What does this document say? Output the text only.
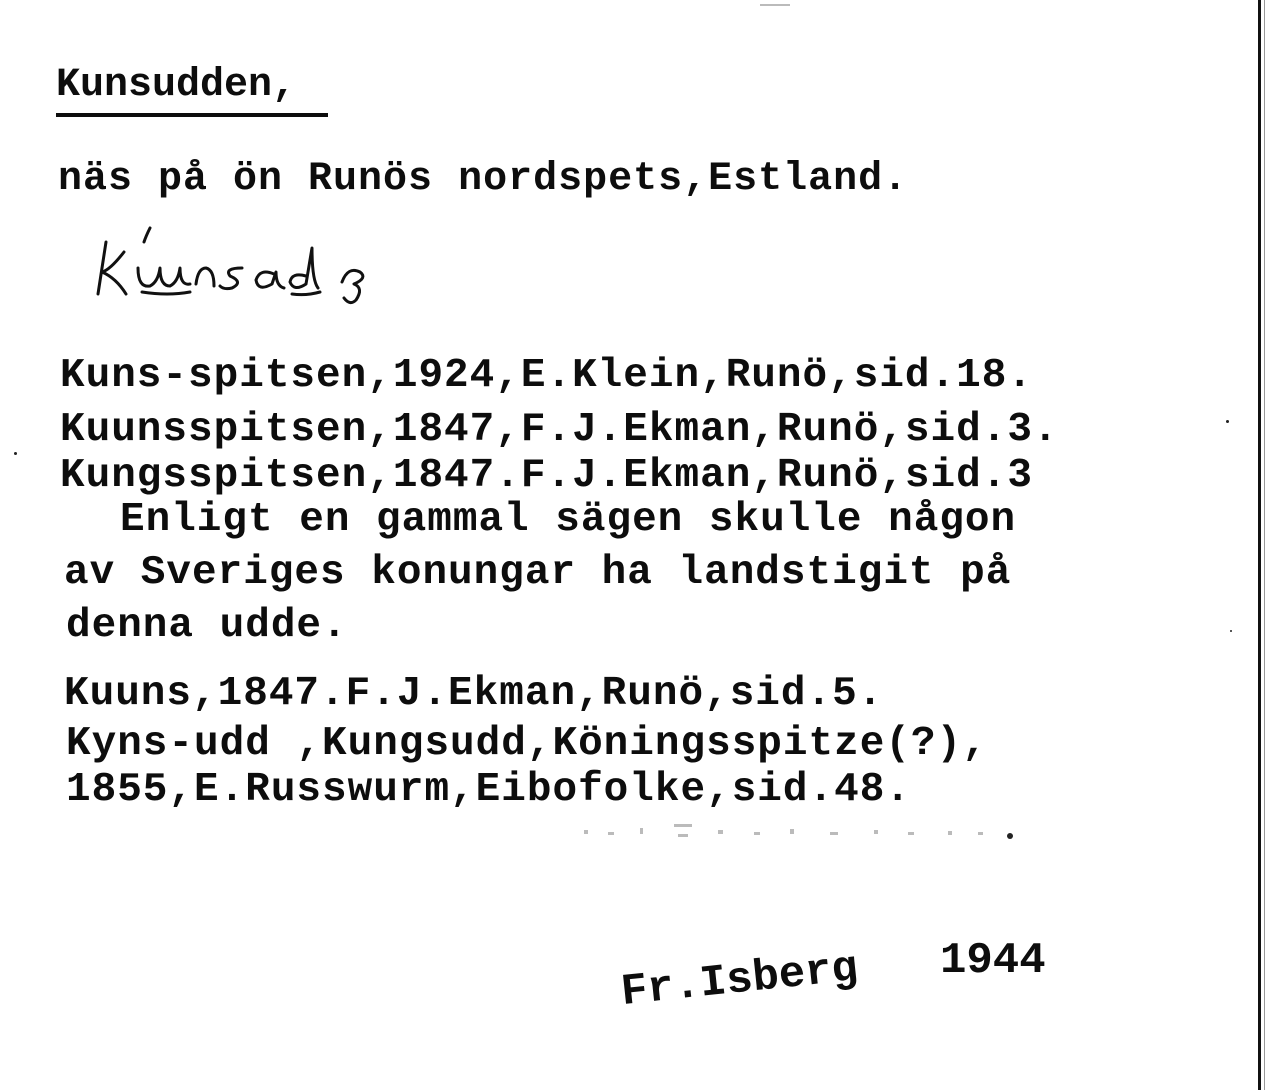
Kunsudden,
näs på ön Runös nordspets,Estland.
Kuns-spitsen,1924,E.Klein,Runö,sid.18.
Kuunsspitsen,1847,F.J.Ekman,Runö,sid.3.
Kungsspitsen,1847.F.J.Ekman,Runö,sid.3
Enligt en gammal sägen skulle någon
av Sveriges konungar ha landstigit på
denna udde.
Kuuns,1847.F.J.Ekman,Runö,sid.5.
Kyns-udd ,Kungsudd,Köningsspitze(?),
1855,E.Russwurm,Eibofolke,sid.48.
Fr.Isberg 1944
